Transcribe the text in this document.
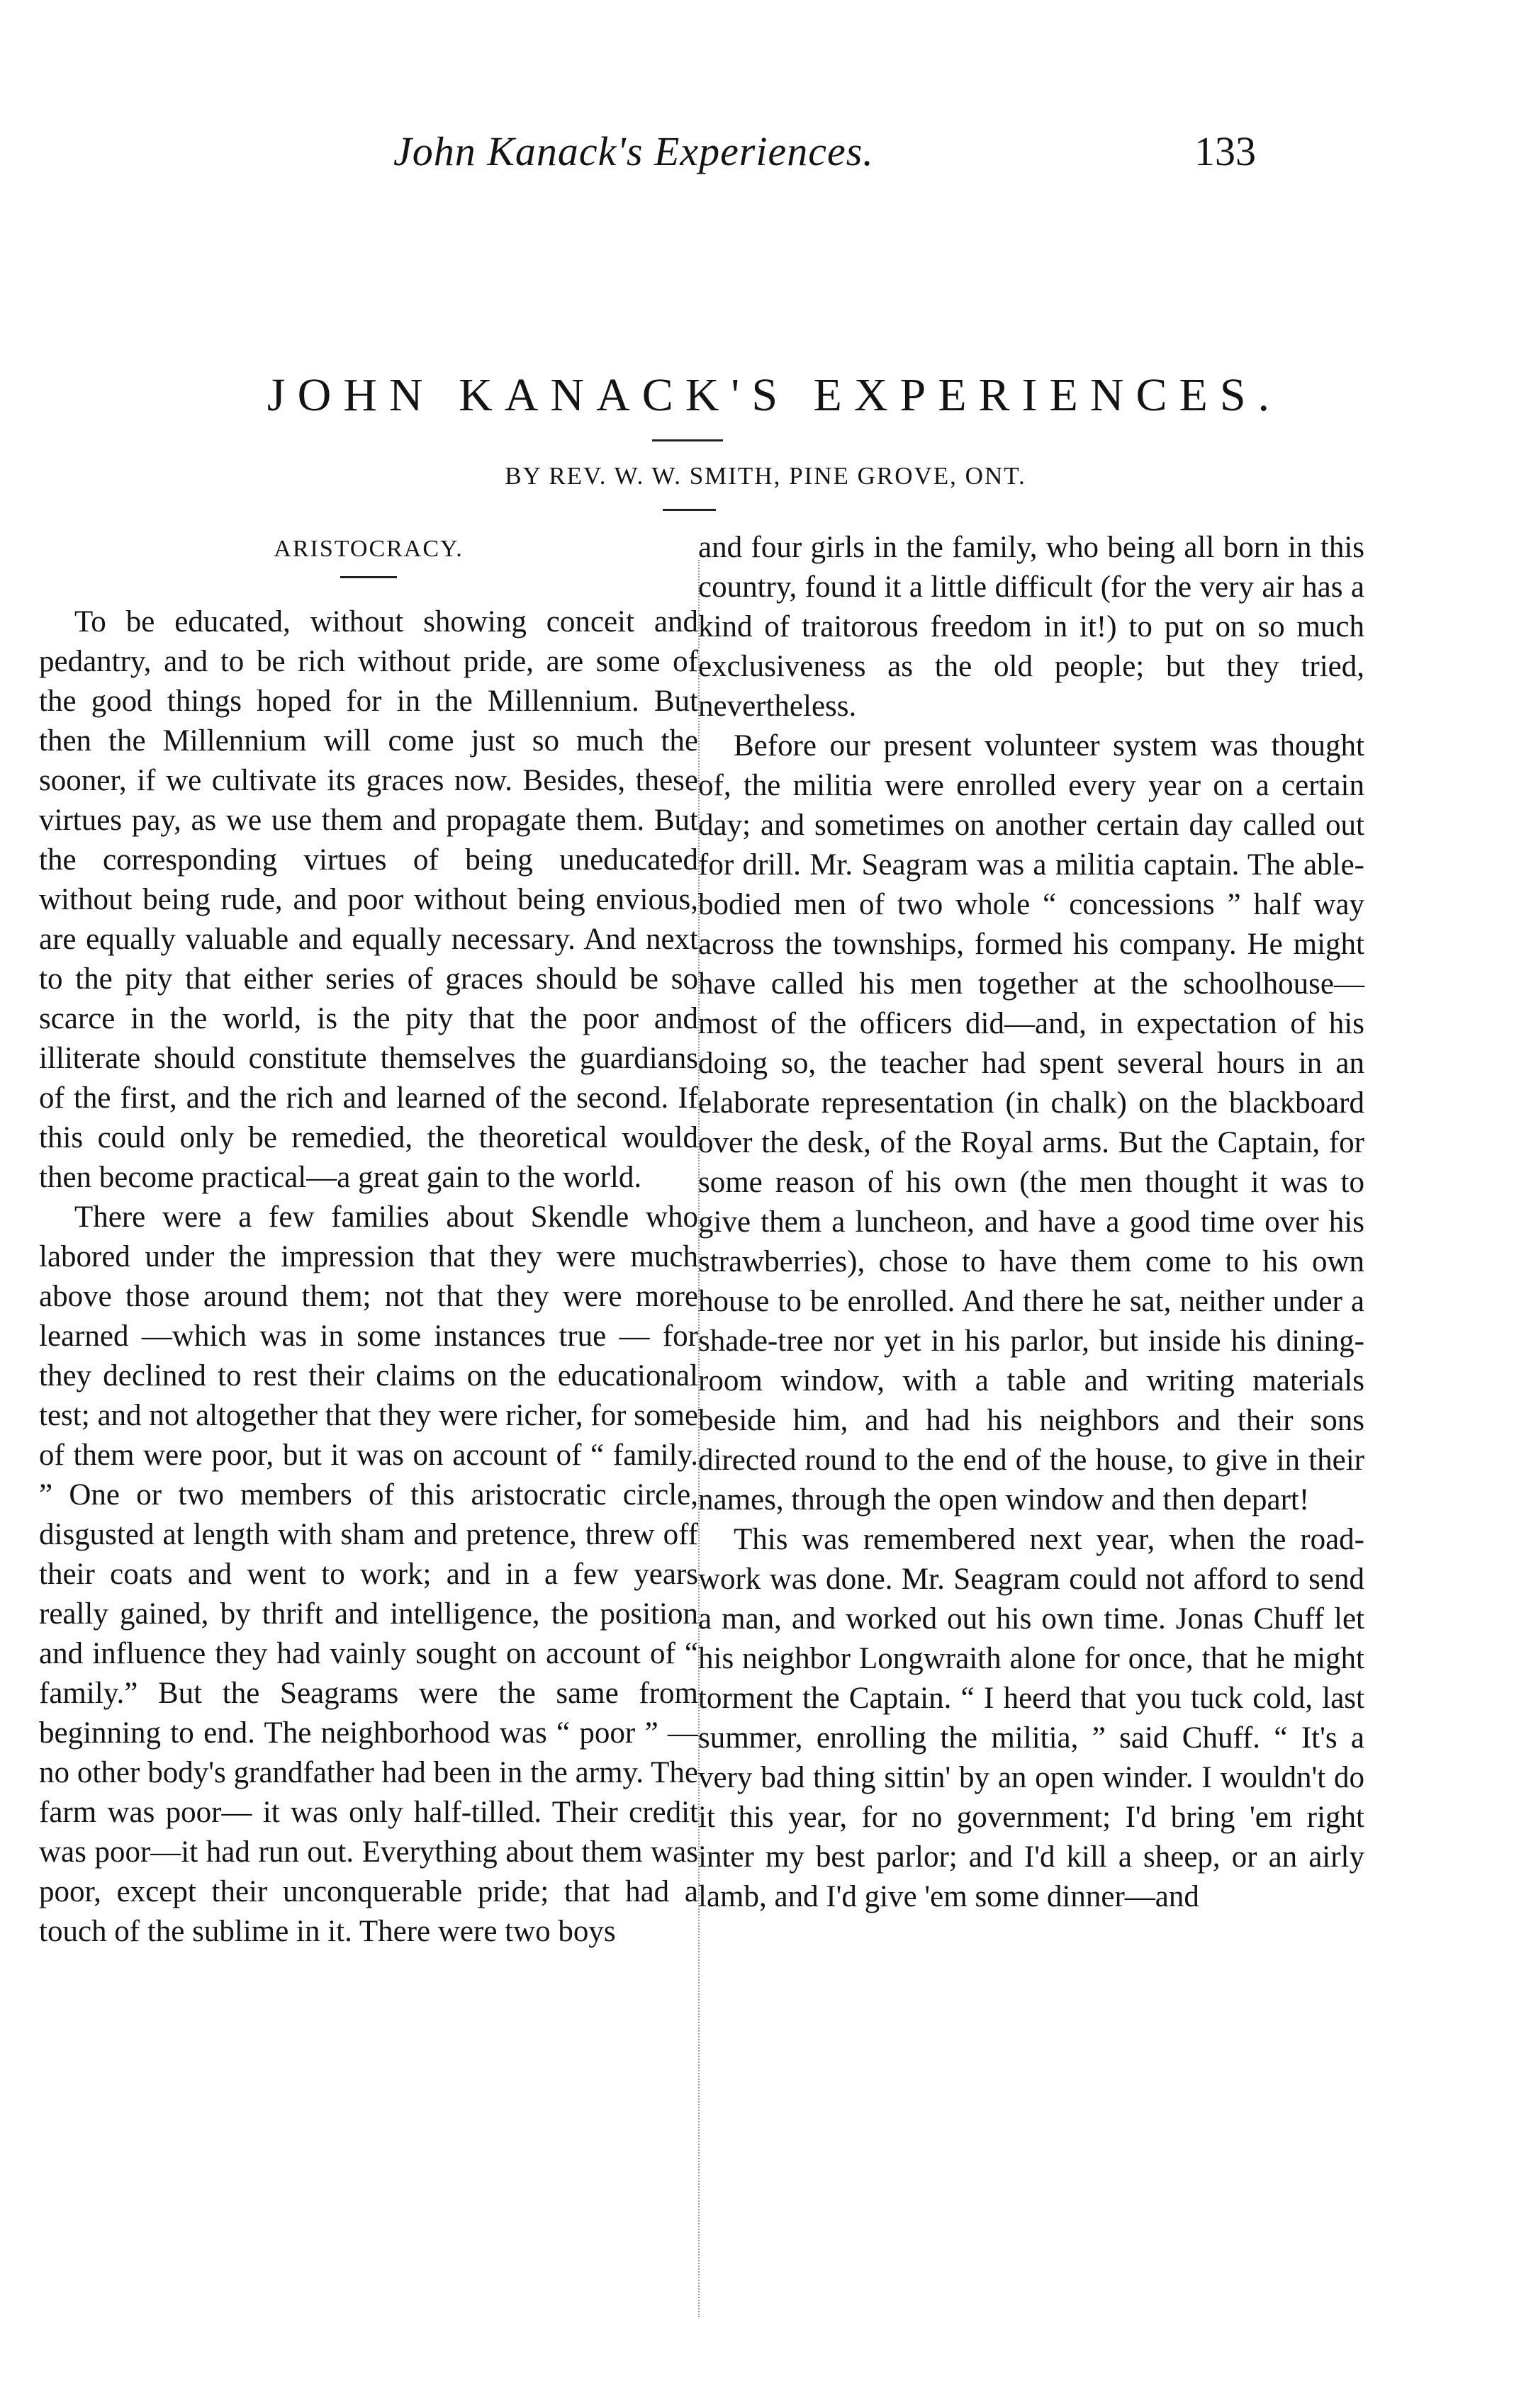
John Kanack's Experiences.	133
JOHN KANACK'S EXPERIENCES.
BY REV. W. W. SMITH, PINE GROVE, ONT.
ARISTOCRACY.

To be educated, without showing conceit and pedantry, and to be rich without pride, are some of the good things hoped for in the Millennium. But then the Millennium will come just so much the sooner, if we cultivate its graces now. Besides, these virtues pay, as we use them and propagate them. But the corresponding virtues of being uneducated without being rude, and poor without being envious, are equally valuable and equally necessary. And next to the pity that either series of graces should be so scarce in the world, is the pity that the poor and illiterate should constitute themselves the guardians of the first, and the rich and learned of the second. If this could only be remedied, the theoretical would then become practical—a great gain to the world.

There were a few families about Skendle who labored under the impression that they were much above those around them; not that they were more learned —which was in some instances true — for they declined to rest their claims on the educational test; and not altogether that they were richer, for some of them were poor, but it was on account of “ family. ” One or two members of this aristocratic circle, disgusted at length with sham and pretence, threw off their coats and went to work; and in a few years really gained, by thrift and intelligence, the position and influence they had vainly sought on account of “ family.” But the Seagrams were the same from beginning to end. The neighborhood was “ poor ” — no other body's grandfather had been in the army. The farm was poor— it was only half-tilled. Their credit was poor—it had run out. Everything about them was poor, except their unconquerable pride; that had a touch of the sublime in it. There were two boys

and four girls in the family, who being all born in this country, found it a little difficult (for the very air has a kind of traitorous freedom in it!) to put on so much exclusiveness as the old people; but they tried, nevertheless.

Before our present volunteer system was thought of, the militia were enrolled every year on a certain day; and sometimes on another certain day called out for drill. Mr. Seagram was a militia captain. The able-bodied men of two whole “ concessions ” half way across the townships, formed his company. He might have called his men together at the schoolhouse—most of the officers did—and, in expectation of his doing so, the teacher had spent several hours in an elaborate representation (in chalk) on the blackboard over the desk, of the Royal arms. But the Captain, for some reason of his own (the men thought it was to give them a luncheon, and have a good time over his strawberries), chose to have them come to his own house to be enrolled. And there he sat, neither under a shade-tree nor yet in his parlor, but inside his dining-room window, with a table and writing materials beside him, and had his neighbors and their sons directed round to the end of the house, to give in their names, through the open window and then depart!

This was remembered next year, when the road-work was done. Mr. Seagram could not afford to send a man, and worked out his own time. Jonas Chuff let his neighbor Longwraith alone for once, that he might torment the Captain. “ I heerd that you tuck cold, last summer, enrolling the militia, ” said Chuff. “ It's a very bad thing sittin' by an open winder. I wouldn't do it this year, for no government; I'd bring 'em right inter my best parlor; and I'd kill a sheep, or an airly lamb, and I'd give 'em some dinner—and
